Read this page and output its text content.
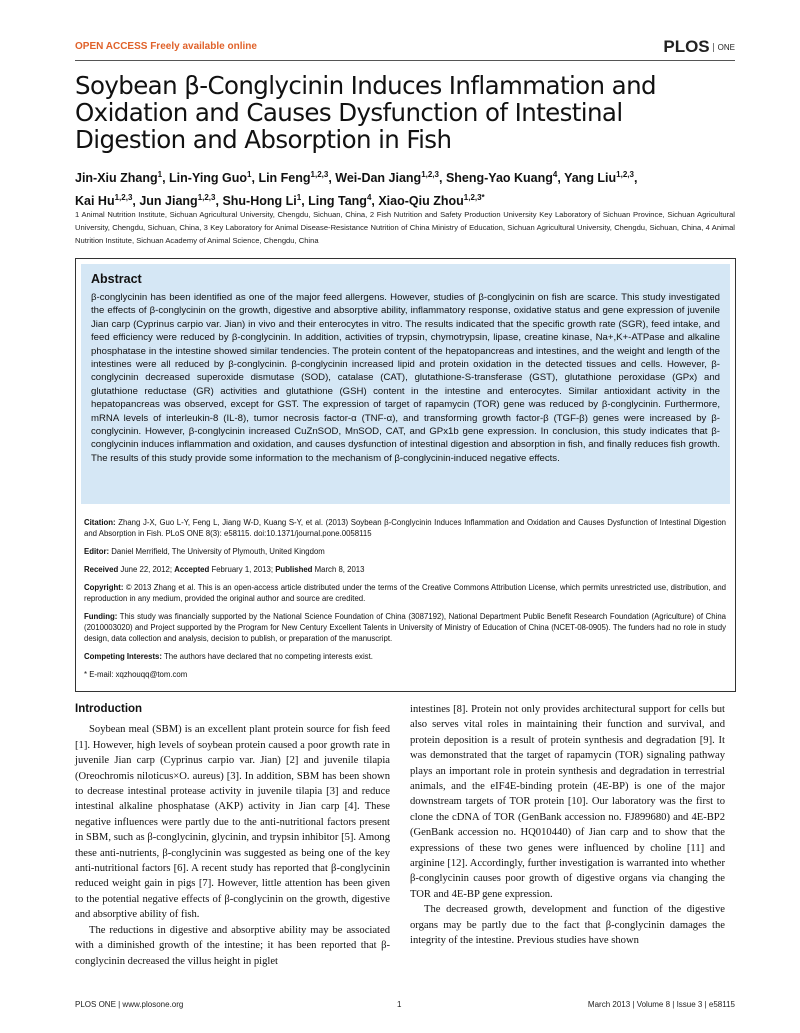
OPEN ACCESS Freely available online	PLOS ONE
Soybean β-Conglycinin Induces Inflammation and Oxidation and Causes Dysfunction of Intestinal Digestion and Absorption in Fish
Jin-Xiu Zhang$^1$, Lin-Ying Guo$^1$, Lin Feng$^{1,2,3}$, Wei-Dan Jiang$^{1,2,3}$, Sheng-Yao Kuang$^4$, Yang Liu$^{1,2,3}$,
Kai Hu$^{1,2,3}$, Jun Jiang$^{1,2,3}$, Shu-Hong Li$^1$, Ling Tang$^4$, Xiao-Qiu Zhou$^{1,2,3*}$
1 Animal Nutrition Institute, Sichuan Agricultural University, Chengdu, Sichuan, China, 2 Fish Nutrition and Safety Production University Key Laboratory of Sichuan Province, Sichuan Agricultural University, Chengdu, Sichuan, China, 3 Key Laboratory for Animal Disease-Resistance Nutrition of China Ministry of Education, Sichuan Agricultural University, Chengdu, Sichuan, China, 4 Animal Nutrition Institute, Sichuan Academy of Animal Science, Chengdu, China
Abstract

β-conglycinin has been identified as one of the major feed allergens. However, studies of β-conglycinin on fish are scarce. This study investigated the effects of β-conglycinin on the growth, digestive and absorptive ability, inflammatory response, oxidative status and gene expression of juvenile Jian carp (Cyprinus carpio var. Jian) in vivo and their enterocytes in vitro. The results indicated that the specific growth rate (SGR), feed intake, and feed efficiency were reduced by β-conglycinin. In addition, activities of trypsin, chymotrypsin, lipase, creatine kinase, Na+,K+-ATPase and alkaline phosphatase in the intestine showed similar tendencies. The protein content of the hepatopancreas and intestines, and the weight and length of the intestines were all reduced by β-conglycinin. β-conglycinin increased lipid and protein oxidation in the detected tissues and cells. However, β-conglycinin decreased superoxide dismutase (SOD), catalase (CAT), glutathione-S-transferase (GST), glutathione peroxidase (GPx) and glutathione reductase (GR) activities and glutathione (GSH) content in the intestine and enterocytes. Similar antioxidant activity in the hepatopancreas was observed, except for GST. The expression of target of rapamycin (TOR) gene was reduced by β-conglycinin. Furthermore, mRNA levels of interleukin-8 (IL-8), tumor necrosis factor-α (TNF-α), and transforming growth factor-β (TGF-β) genes were increased by β-conglycinin. However, β-conglycinin increased CuZnSOD, MnSOD, CAT, and GPx1b gene expression. In conclusion, this study indicates that β-conglycinin induces inflammation and oxidation, and causes dysfunction of intestinal digestion and absorption in fish, and finally reduces fish growth. The results of this study provide some information to the mechanism of β-conglycinin-induced negative effects.

Citation: Zhang J-X, Guo L-Y, Feng L, Jiang W-D, Kuang S-Y, et al. (2013) Soybean β-Conglycinin Induces Inflammation and Oxidation and Causes Dysfunction of Intestinal Digestion and Absorption in Fish. PLoS ONE 8(3): e58115. doi:10.1371/journal.pone.0058115

Editor: Daniel Merrifield, The University of Plymouth, United Kingdom

Received June 22, 2012; Accepted February 1, 2013; Published March 8, 2013

Copyright: © 2013 Zhang et al. This is an open-access article distributed under the terms of the Creative Commons Attribution License, which permits unrestricted use, distribution, and reproduction in any medium, provided the original author and source are credited.

Funding: This study was financially supported by the National Science Foundation of China (3087192), National Department Public Benefit Research Foundation (Agriculture) of China (2010003020) and Project supported by the Program for New Century Excellent Talents in University of Ministry of Education of China (NCET-08-0905). The funders had no role in study design, data collection and analysis, decision to publish, or preparation of the manuscript.

Competing Interests: The authors have declared that no competing interests exist.

* E-mail: xqzhouqq@tom.com

Introduction

Soybean meal (SBM) is an excellent plant protein source for fish feed [1]. However, high levels of soybean protein caused a poor growth rate in juvenile Jian carp (Cyprinus carpio var. Jian) [2] and juvenile tilapia (Oreochromis niloticus×O. aureus) [3]. In addition, SBM has been shown to decrease intestinal protease activity in juvenile tilapia [3] and reduce intestinal alkaline phosphatase (AKP) activity in Jian carp [4]. These negative influences were partly due to the anti-nutritional factors present in SBM, such as β-conglycinin, glycinin, and trypsin inhibitor [5]. Among these anti-nutrients, β-conglycinin was suggested as being one of the key anti-nutritional factors [6]. A recent study has reported that β-conglycinin reduced weight gain in pigs [7]. However, little attention has been given to the potential negative effects of β-conglycinin on the growth, digestive and absorptive ability of fish.

The reductions in digestive and absorptive ability may be associated with a diminished growth of the intestine; it has been reported that β-conglycinin decreased the villus height in piglet

intestines [8]. Protein not only provides architectural support for cells but also serves vital roles in maintaining their function and survival, and protein deposition is a result of protein synthesis and degradation [9]. It was demonstrated that the target of rapamycin (TOR) signaling pathway plays an important role in protein synthesis and degradation in terrestrial animals, and the eIF4E-binding protein (4E-BP) is one of the major downstream targets of TOR protein [10]. Our laboratory was the first to clone the cDNA of TOR (GenBank accession no. FJ899680) and 4E-BP2 (GenBank accession no. HQ010440) of Jian carp and to show that the expressions of these two genes were influenced by choline [11] and arginine [12]. Accordingly, further investigation is warranted into whether β-conglycinin causes poor growth of digestive organs via changing the TOR and 4E-BP gene expression.

The decreased growth, development and function of the digestive organs may be partly due to the fact that β-conglycinin damages the integrity of the intestine. Previous studies have shown

PLOS ONE | www.plosone.org	1	March 2013 | Volume 8 | Issue 3 | e58115
